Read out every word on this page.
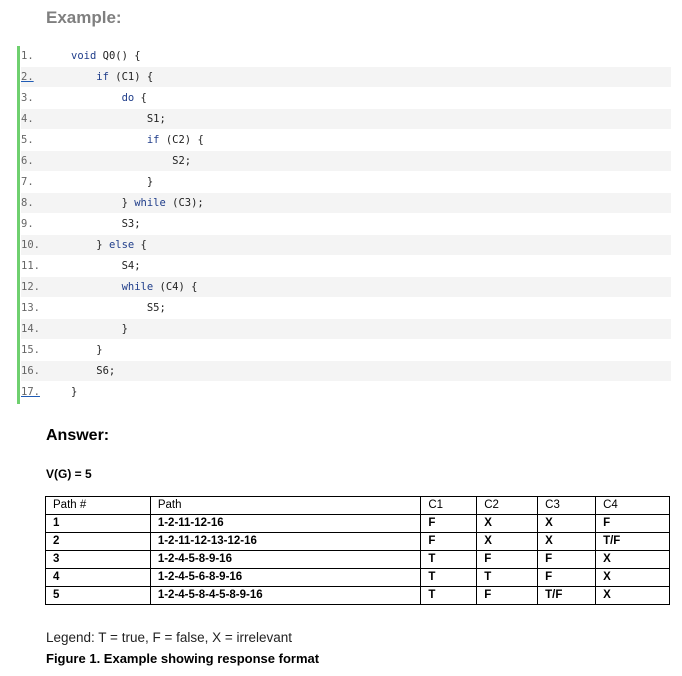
Example:
1.	void Q0() {
2.	if (C1) {
3.	do {
4.	S1;
5.	if (C2) {
6.	S2;
7.	}
8.	} while (C3);
9.	S3;
10.	} else {
11.	S4;
12.	while (C4) {
13.	S5;
14.	}
15.	}
16.	S6;
17.	}
Answer:
V(G) = 5
Path #	Path	C1	C2	C3	C4
1	1-2-11-12-16	F	X	X	F
2	1-2-11-12-13-12-16	F	X	X	T/F
3	1-2-4-5-8-9-16	T	F	F	X
4	1-2-4-5-6-8-9-16	T	T	F	X
5	1-2-4-5-8-4-5-8-9-16	T	F	T/F	X
Legend: T = true, F = false, X = irrelevant
Figure 1. Example showing response format
